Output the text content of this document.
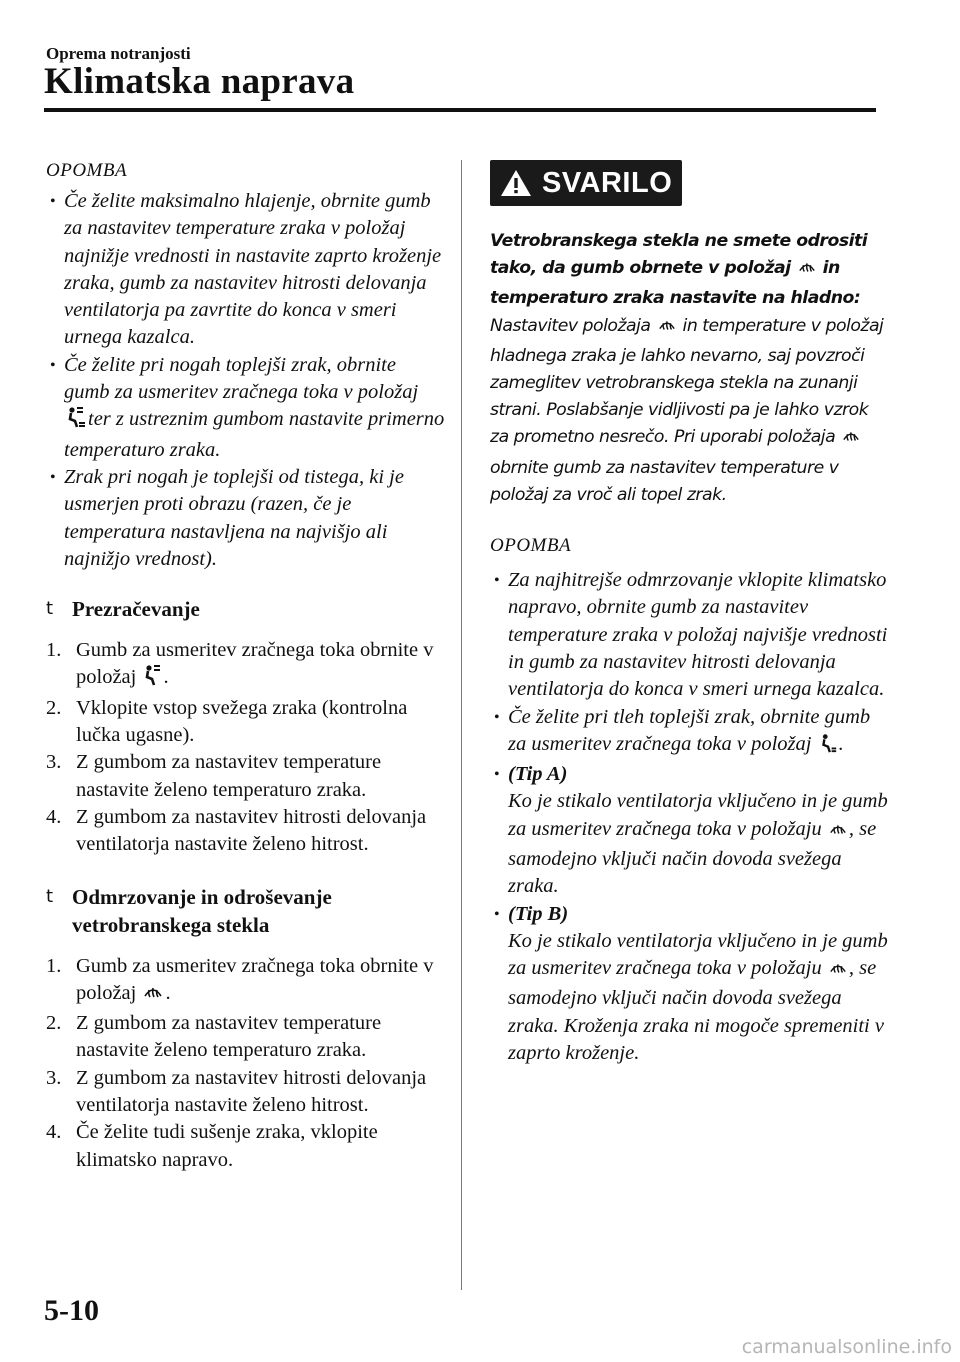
Oprema notranjosti
Klimatska naprava
OPOMBA
• Če želite maksimalno hlajenje, obrnite gumb za nastavitev temperature zraka v položaj najnižje vrednosti in nastavite zaprto kroženje zraka, gumb za nastavitev hitrosti delovanja ventilatorja pa zavrtite do konca v smeri urnega kazalca.
• Če želite pri nogah toplejši zrak, obrnite gumb za usmeritev zračnega toka v položaj ter z ustreznim gumbom nastavite primerno temperaturo zraka.
• Zrak pri nogah je toplejši od tistega, ki je usmerjen proti obrazu (razen, če je temperatura nastavljena na najvišjo ali najnižjo vrednost).
t Prezračevanje
1. Gumb za usmeritev zračnega toka obrnite v položaj .
2. Vklopite vstop svežega zraka (kontrolna lučka ugasne).
3. Z gumbom za nastavitev temperature nastavite želeno temperaturo zraka.
4. Z gumbom za nastavitev hitrosti delovanja ventilatorja nastavite želeno hitrost.
t Odmrzovanje in odroševanje vetrobranskega stekla
1. Gumb za usmeritev zračnega toka obrnite v položaj .
2. Z gumbom za nastavitev temperature nastavite želeno temperaturo zraka.
3. Z gumbom za nastavitev hitrosti delovanja ventilatorja nastavite želeno hitrost.
4. Če želite tudi sušenje zraka, vklopite klimatsko napravo.
SVARILO
Vetrobranskega stekla ne smete odrositi tako, da gumb obrnete v položaj in temperaturo zraka nastavite na hladno: Nastavitev položaja in temperature v položaj hladnega zraka je lahko nevarno, saj povzroči zameglitev vetrobranskega stekla na zunanji strani. Poslabšanje vidljivosti pa je lahko vzrok za prometno nesrečo. Pri uporabi položaja  obrnite gumb za nastavitev temperature v položaj za vroč ali topel zrak.
OPOMBA
• Za najhitrejše odmrzovanje vklopite klimatsko napravo, obrnite gumb za nastavitev temperature zraka v položaj najvišje vrednosti in gumb za nastavitev hitrosti delovanja ventilatorja do konca v smeri urnega kazalca.
• Če želite pri tleh toplejši zrak, obrnite gumb za usmeritev zračnega toka v položaj .
• (Tip A)
Ko je stikalo ventilatorja vključeno in je gumb za usmeritev zračnega toka v položaju , se samodejno vključi način dovoda svežega zraka.
• (Tip B)
Ko je stikalo ventilatorja vključeno in je gumb za usmeritev zračnega toka v položaju , se samodejno vključi način dovoda svežega zraka. Kroženja zraka ni mogoče spremeniti v zaprto kroženje.
5-10
carmanualsonline.info
